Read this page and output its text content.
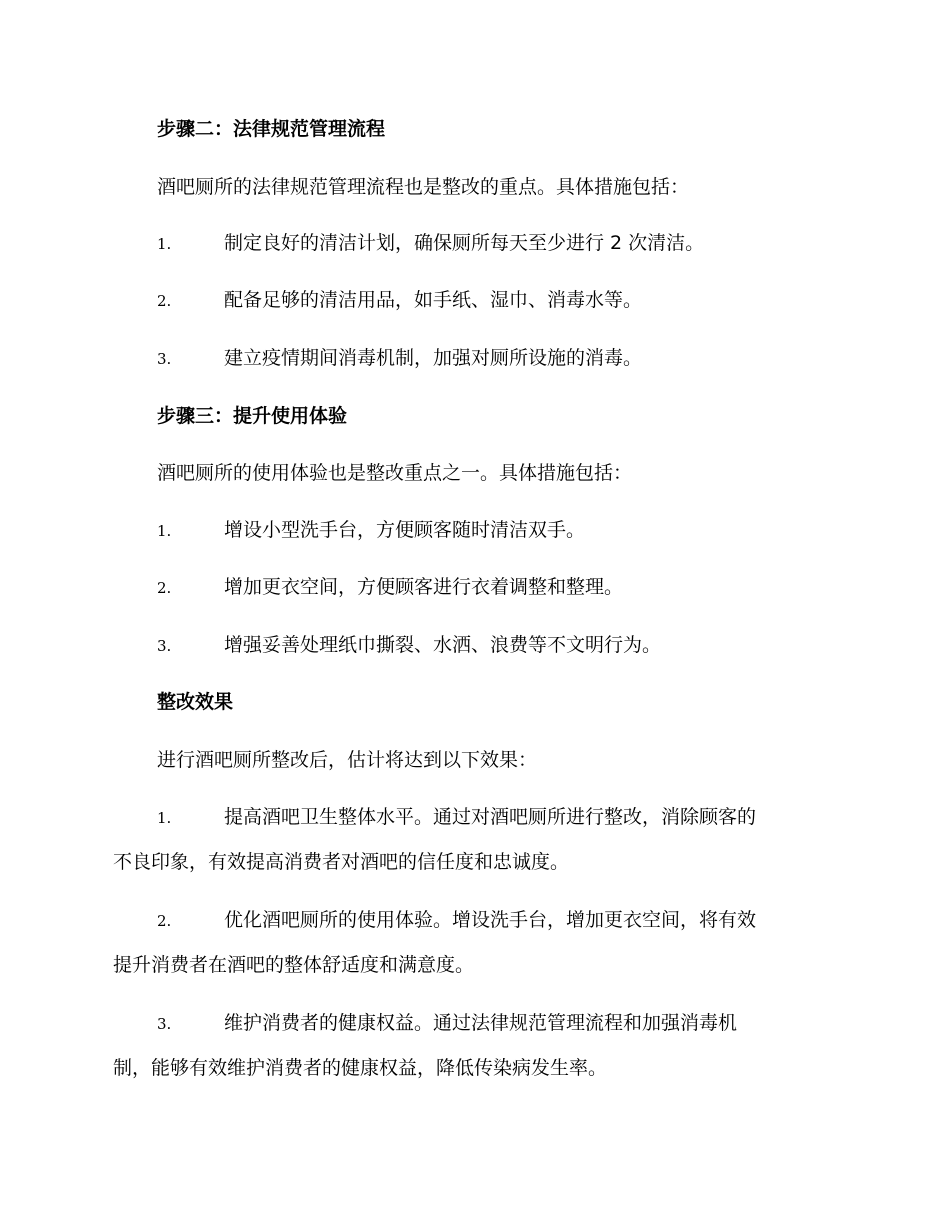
步骤二：法律规范管理流程
酒吧厕所的法律规范管理流程也是整改的重点。具体措施包括：
1.	制定良好的清洁计划，确保厕所每天至少进行 2 次清洁。
2.	配备足够的清洁用品，如手纸、湿巾、消毒水等。
3.	建立疫情期间消毒机制，加强对厕所设施的消毒。
步骤三：提升使用体验
酒吧厕所的使用体验也是整改重点之一。具体措施包括：
1.	增设小型洗手台，方便顾客随时清洁双手。
2.	增加更衣空间，方便顾客进行衣着调整和整理。
3.	增强妥善处理纸巾撕裂、水洒、浪费等不文明行为。
整改效果
进行酒吧厕所整改后，估计将达到以下效果：
1.	提高酒吧卫生整体水平。通过对酒吧厕所进行整改，消除顾客的
不良印象，有效提高消费者对酒吧的信任度和忠诚度。
2.	优化酒吧厕所的使用体验。增设洗手台，增加更衣空间，将有效
提升消费者在酒吧的整体舒适度和满意度。
3.	维护消费者的健康权益。通过法律规范管理流程和加强消毒机
制，能够有效维护消费者的健康权益，降低传染病发生率。
